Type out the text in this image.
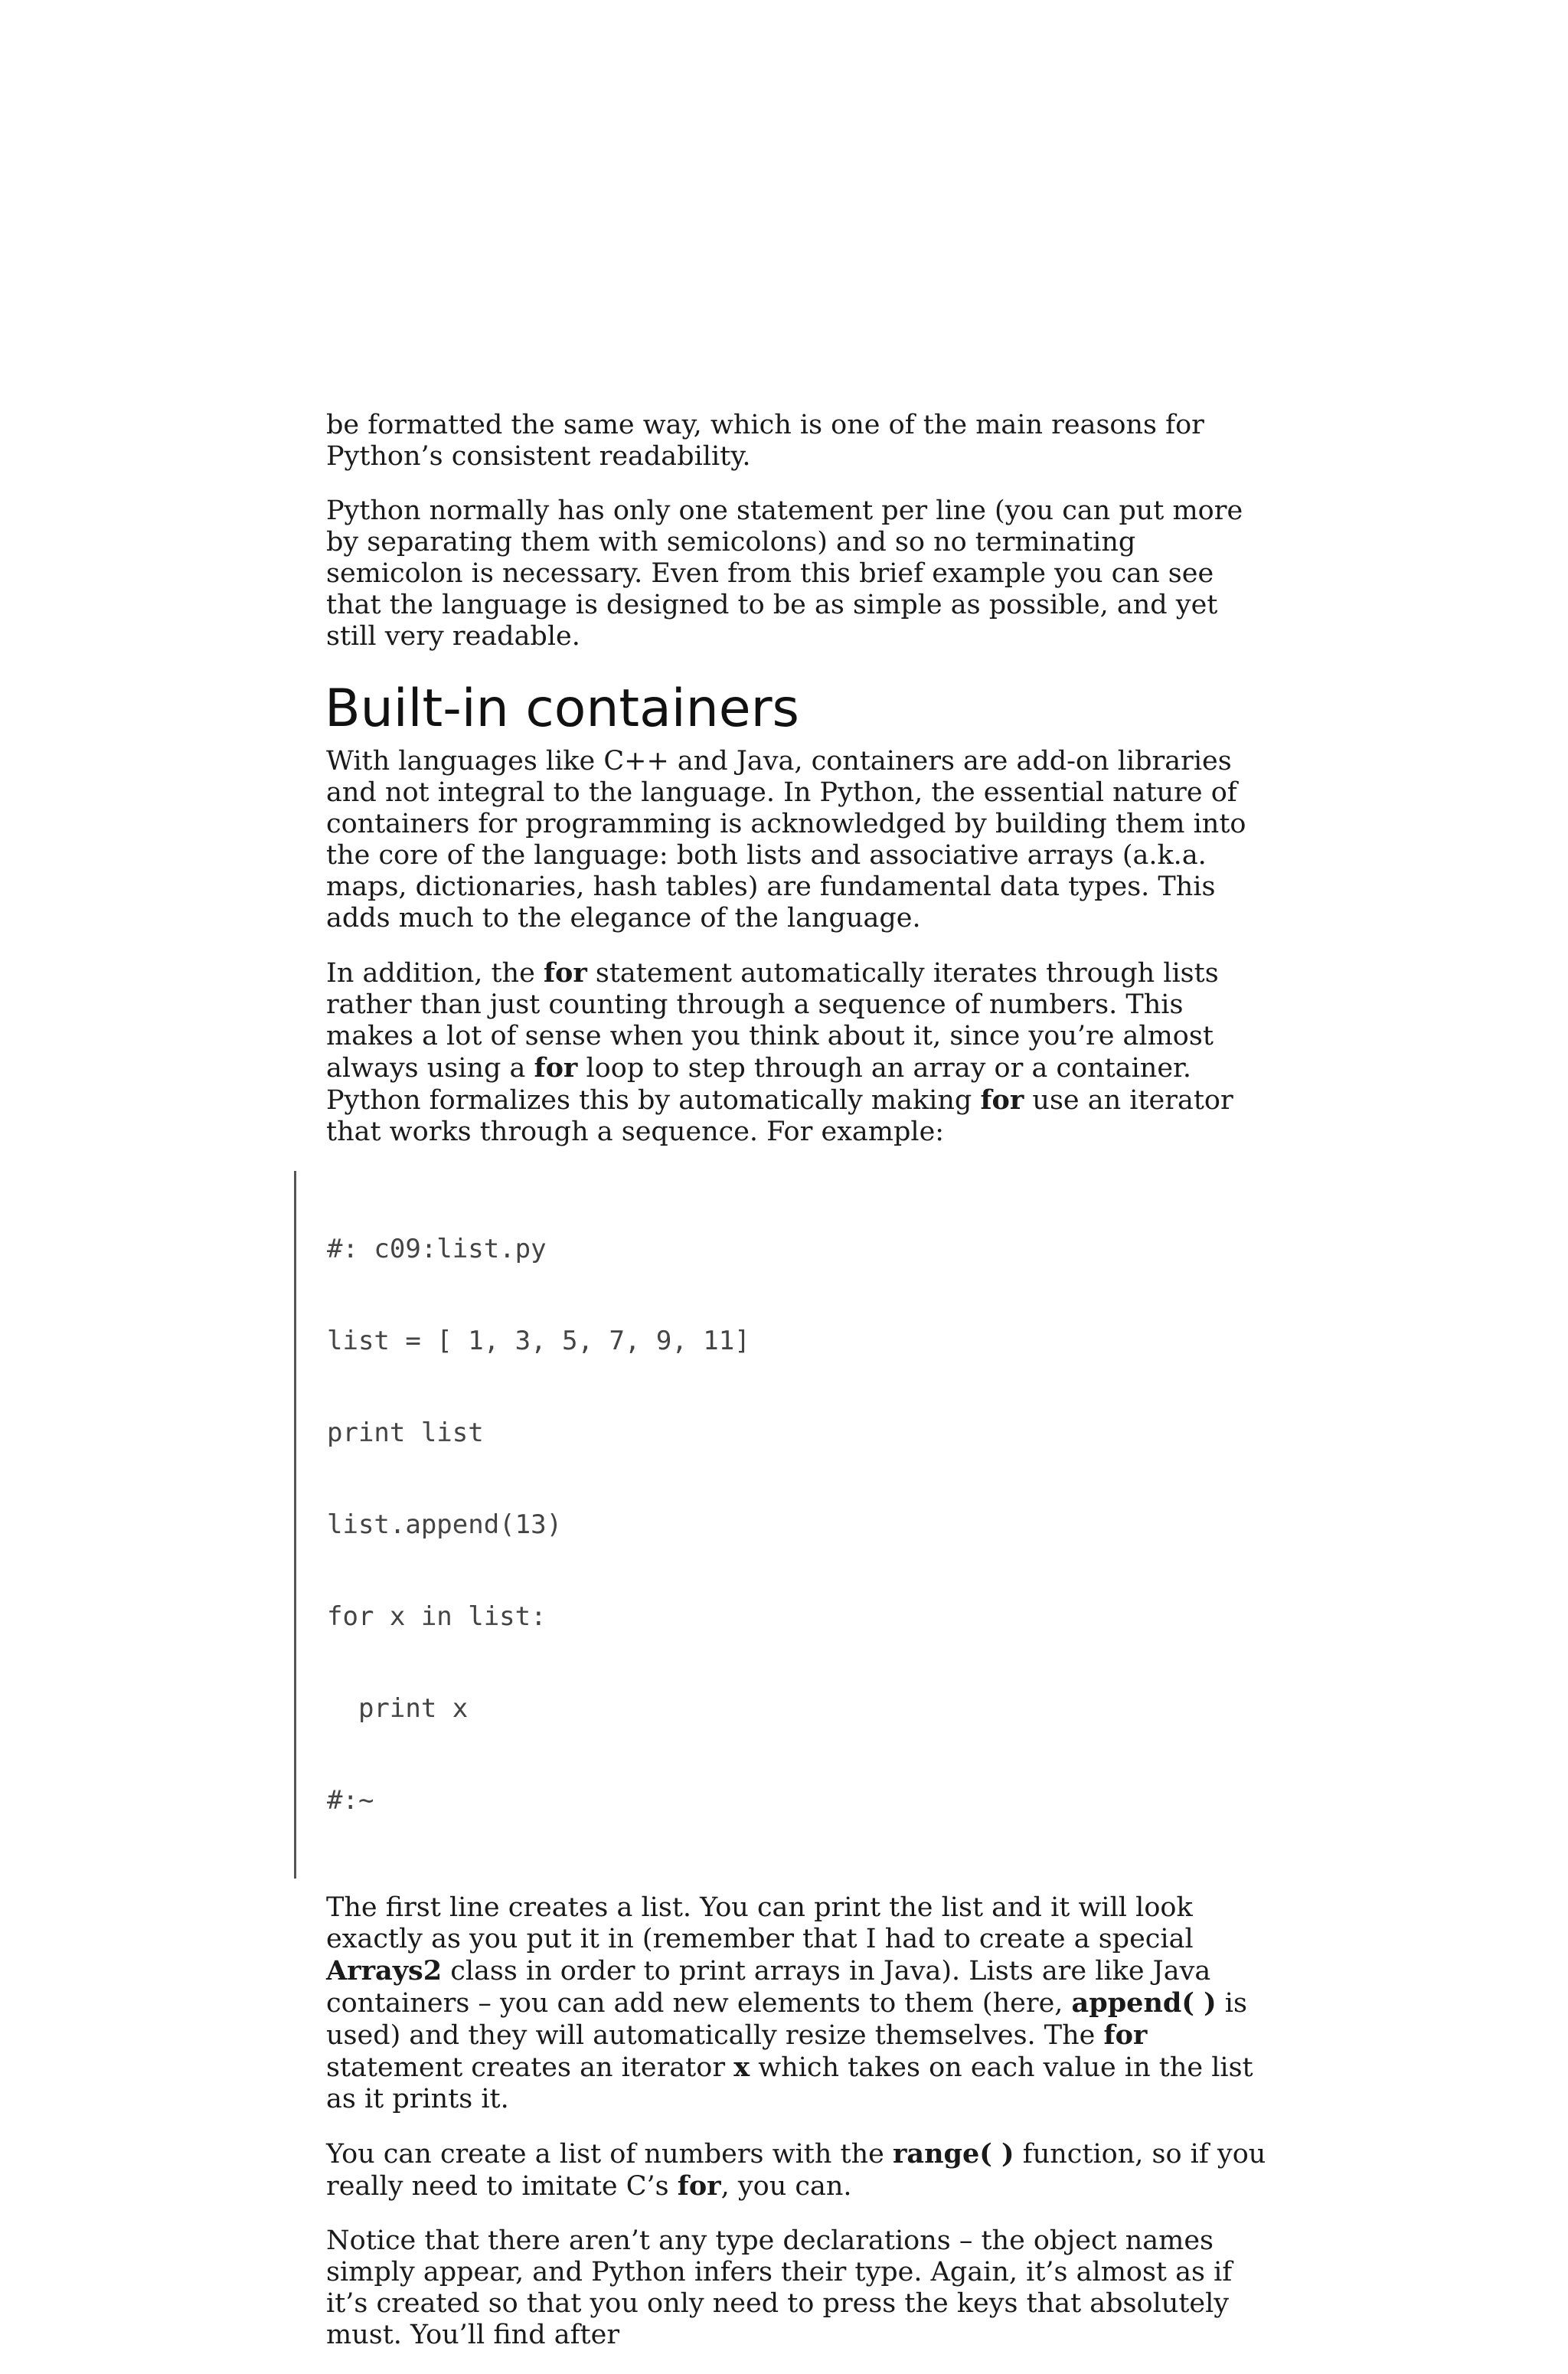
be formatted the same way, which is one of the main reasons for Python’s consistent readability.

Python normally has only one statement per line (you can put more by separating them with semicolons) and so no terminating semicolon is necessary. Even from this brief example you can see that the language is designed to be as simple as possible, and yet still very readable.

Built-in containers

With languages like C++ and Java, containers are add-on libraries and not integral to the language. In Python, the essential nature of containers for programming is acknowledged by building them into the core of the language: both lists and associative arrays (a.k.a. maps, dictionaries, hash tables) are fundamental data types. This adds much to the elegance of the language.

In addition, the for statement automatically iterates through lists rather than just counting through a sequence of numbers. This makes a lot of sense when you think about it, since you’re almost always using a for loop to step through an array or a container. Python formalizes this by automatically making for use an iterator that works through a sequence. For example:

#: c09:list.py

list = [ 1, 3, 5, 7, 9, 11]

print list

list.append(13)

for x in list:

print x

#:~

The first line creates a list. You can print the list and it will look exactly as you put it in (remember that I had to create a special Arrays2 class in order to print arrays in Java). Lists are like Java containers – you can add new elements to them (here, append( ) is used) and they will automatically resize themselves. The for statement creates an iterator x which takes on each value in the list as it prints it.

You can create a list of numbers with the range( ) function, so if you really need to imitate C’s for, you can.

Notice that there aren’t any type declarations – the object names simply appear, and Python infers their type. Again, it’s almost as if it’s created so that you only need to press the keys that absolutely must. You’ll find after
